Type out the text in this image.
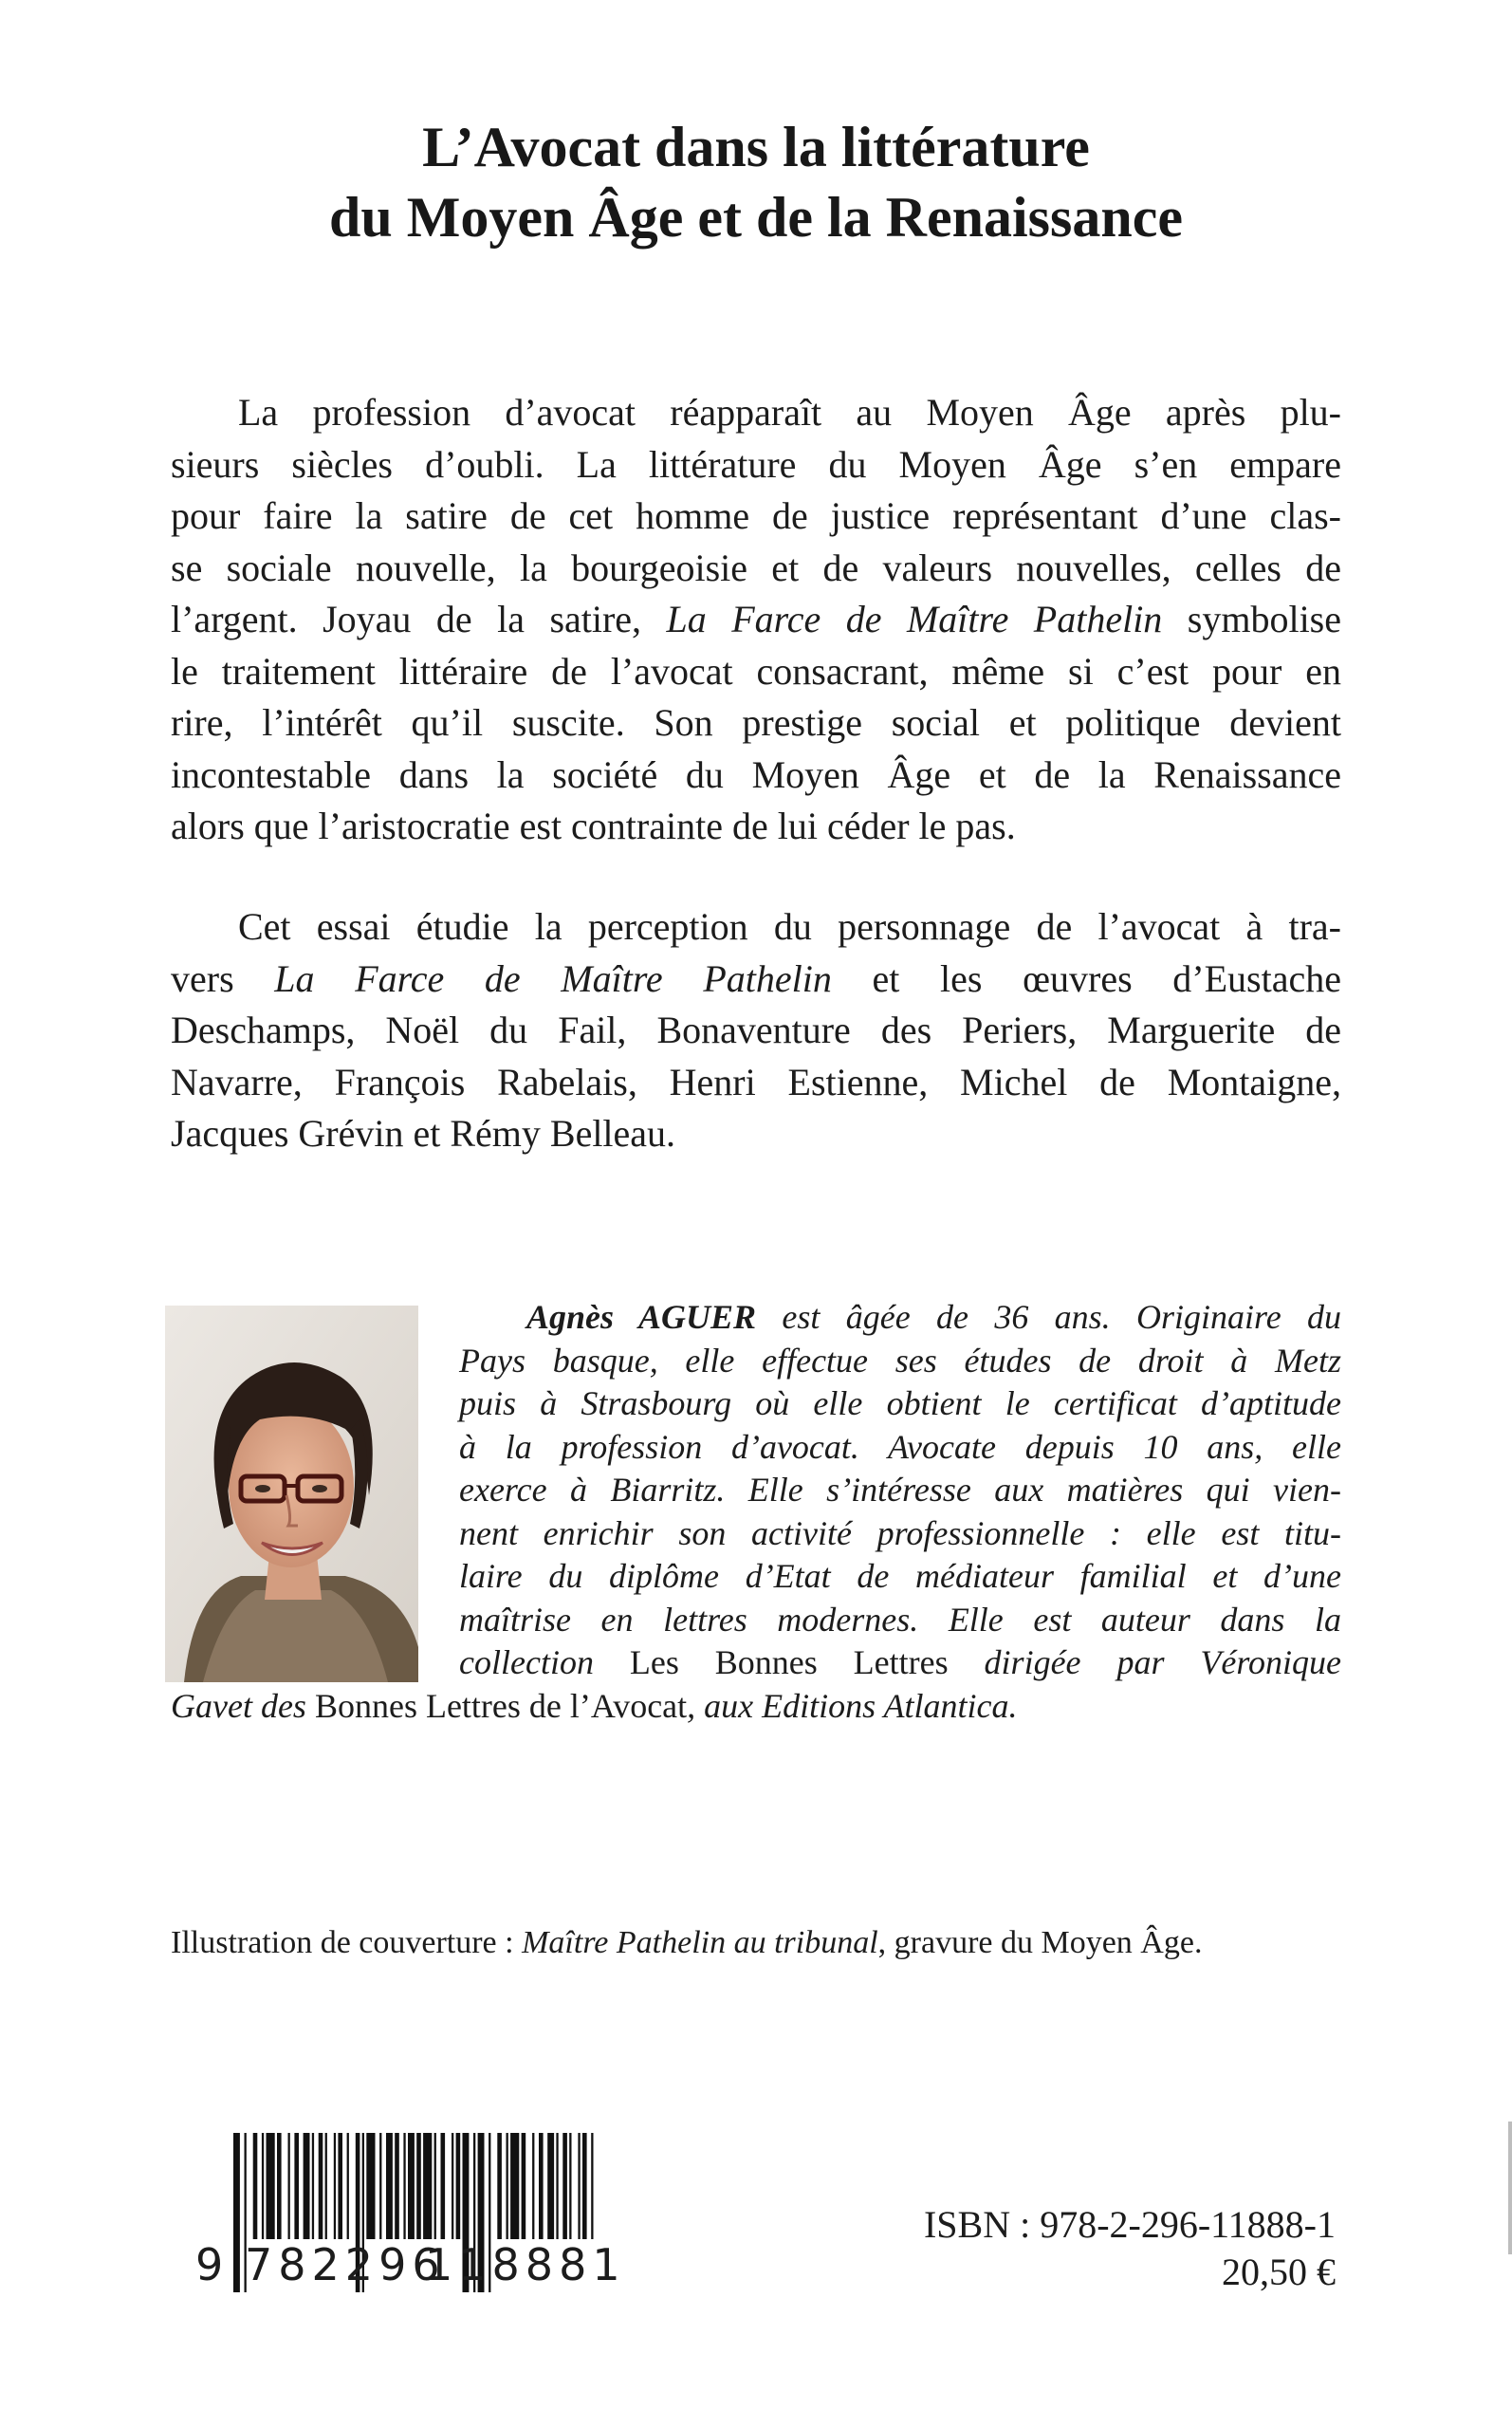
L’Avocat dans la littérature
du Moyen Âge et de la Renaissance
La profession d’avocat réapparaît au Moyen Âge après plu-
sieurs siècles d’oubli. La littérature du Moyen Âge s’en empare
pour faire la satire de cet homme de justice représentant d’une clas-
se sociale nouvelle, la bourgeoisie et de valeurs nouvelles, celles de
l’argent. Joyau de la satire, La Farce de Maître Pathelin symbolise
le traitement littéraire de l’avocat consacrant, même si c’est pour en
rire, l’intérêt qu’il suscite. Son prestige social et politique devient
incontestable dans la société du Moyen Âge et de la Renaissance
alors que l’aristocratie est contrainte de lui céder le pas.
Cet essai étudie la perception du personnage de l’avocat à tra-
vers La Farce de Maître Pathelin et les œuvres d’Eustache
Deschamps, Noël du Fail, Bonaventure des Periers, Marguerite de
Navarre, François Rabelais, Henri Estienne, Michel de Montaigne,
Jacques Grévin et Rémy Belleau.
Agnès AGUER est âgée de 36 ans. Originaire du
Pays basque, elle effectue ses études de droit à Metz
puis à Strasbourg où elle obtient le certificat d’aptitude
à la profession d’avocat. Avocate depuis 10 ans, elle
exerce à Biarritz. Elle s’intéresse aux matières qui vien-
nent enrichir son activité professionnelle : elle est titu-
laire du diplôme d’Etat de médiateur familial et d’une
maîtrise en lettres modernes. Elle est auteur dans la
collection Les Bonnes Lettres dirigée par Véronique
Gavet des Bonnes Lettres de l’Avocat, aux Editions Atlantica.
Illustration de couverture : Maître Pathelin au tribunal, gravure du Moyen Âge.
9 782296
118881
ISBN : 978-2-296-11888-1
20,50 €
